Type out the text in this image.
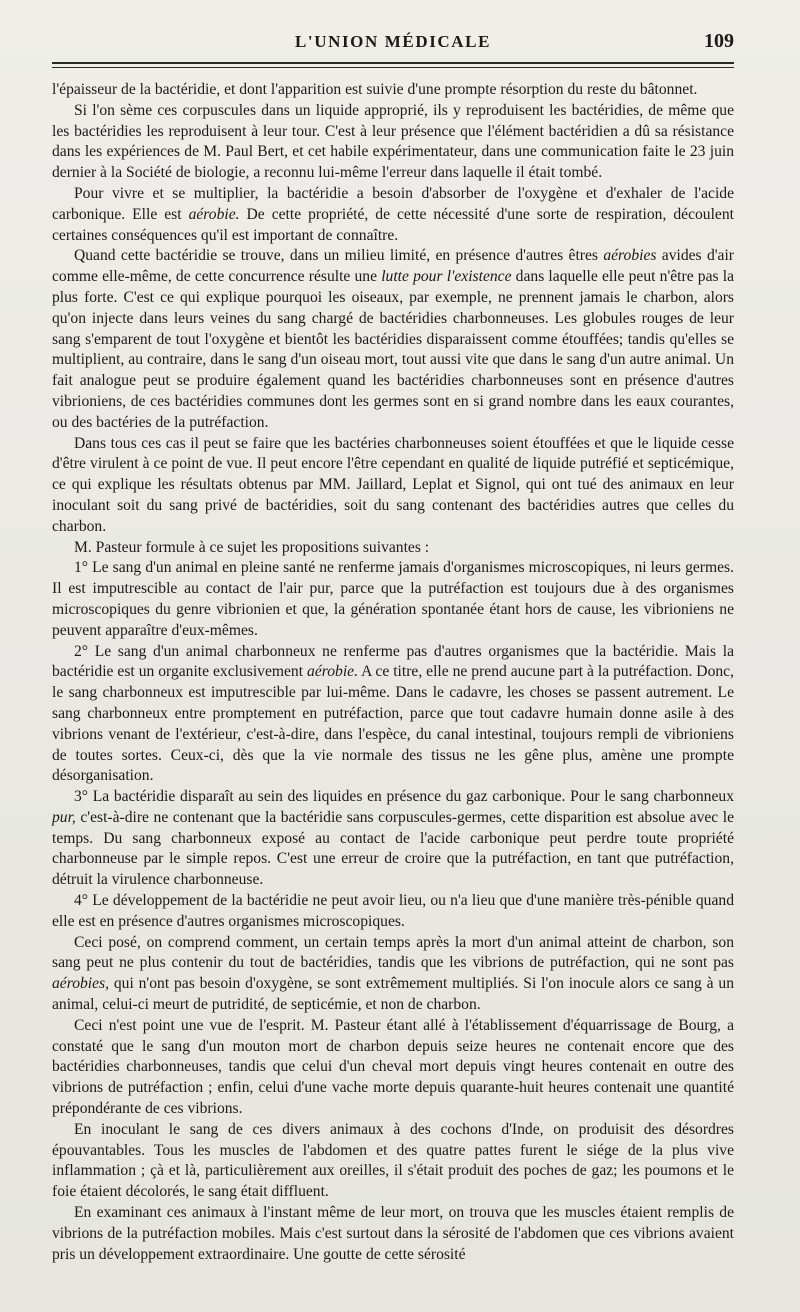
L'UNION MÉDICALE	109

l'épaisseur de la bactéridie, et dont l'apparition est suivie d'une prompte résorption du reste du bâtonnet.

Si l'on sème ces corpuscules dans un liquide approprié, ils y reproduisent les bactéridies, de même que les bactéridies les reproduisent à leur tour. C'est à leur présence que l'élément bactéridien a dû sa résistance dans les expériences de M. Paul Bert, et cet habile expérimentateur, dans une communication faite le 23 juin dernier à la Société de biologie, a reconnu lui-même l'erreur dans laquelle il était tombé.

Pour vivre et se multiplier, la bactéridie a besoin d'absorber de l'oxygène et d'exhaler de l'acide carbonique. Elle est aérobie. De cette propriété, de cette nécessité d'une sorte de respiration, découlent certaines conséquences qu'il est important de connaître.

Quand cette bactéridie se trouve, dans un milieu limité, en présence d'autres êtres aérobies avides d'air comme elle-même, de cette concurrence résulte une lutte pour l'existence dans laquelle elle peut n'être pas la plus forte. C'est ce qui explique pourquoi les oiseaux, par exemple, ne prennent jamais le charbon, alors qu'on injecte dans leurs veines du sang chargé de bactéridies charbonneuses. Les globules rouges de leur sang s'emparent de tout l'oxygène et bientôt les bactéridies disparaissent comme étouffées; tandis qu'elles se multiplient, au contraire, dans le sang d'un oiseau mort, tout aussi vite que dans le sang d'un autre animal. Un fait analogue peut se produire également quand les bactéridies charbonneuses sont en présence d'autres vibrioniens, de ces bactéridies communes dont les germes sont en si grand nombre dans les eaux courantes, ou des bactéries de la putréfaction.

Dans tous ces cas il peut se faire que les bactéries charbonneuses soient étouffées et que le liquide cesse d'être virulent à ce point de vue. Il peut encore l'être cependant en qualité de liquide putréfié et septicémique, ce qui explique les résultats obtenus par MM. Jaillard, Leplat et Signol, qui ont tué des animaux en leur inoculant soit du sang privé de bactéridies, soit du sang contenant des bactéridies autres que celles du charbon.

M. Pasteur formule à ce sujet les propositions suivantes :

1° Le sang d'un animal en pleine santé ne renferme jamais d'organismes microscopiques, ni leurs germes. Il est imputrescible au contact de l'air pur, parce que la putréfaction est toujours due à des organismes microscopiques du genre vibrionien et que, la génération spontanée étant hors de cause, les vibrioniens ne peuvent apparaître d'eux-mêmes.

2° Le sang d'un animal charbonneux ne renferme pas d'autres organismes que la bactéridie. Mais la bactéridie est un organite exclusivement aérobie. A ce titre, elle ne prend aucune part à la putréfaction. Donc, le sang charbonneux est imputrescible par lui-même. Dans le cadavre, les choses se passent autrement. Le sang charbonneux entre promptement en putréfaction, parce que tout cadavre humain donne asile à des vibrions venant de l'extérieur, c'est-à-dire, dans l'espèce, du canal intestinal, toujours rempli de vibrioniens de toutes sortes. Ceux-ci, dès que la vie normale des tissus ne les gêne plus, amène une prompte désorganisation.

3° La bactéridie disparaît au sein des liquides en présence du gaz carbonique. Pour le sang charbonneux pur, c'est-à-dire ne contenant que la bactéridie sans corpuscules-germes, cette disparition est absolue avec le temps. Du sang charbonneux exposé au contact de l'acide carbonique peut perdre toute propriété charbonneuse par le simple repos. C'est une erreur de croire que la putréfaction, en tant que putréfaction, détruit la virulence charbonneuse.

4° Le développement de la bactéridie ne peut avoir lieu, ou n'a lieu que d'une manière très-pénible quand elle est en présence d'autres organismes microscopiques.

Ceci posé, on comprend comment, un certain temps après la mort d'un animal atteint de charbon, son sang peut ne plus contenir du tout de bactéridies, tandis que les vibrions de putréfaction, qui ne sont pas aérobies, qui n'ont pas besoin d'oxygène, se sont extrêmement multipliés. Si l'on inocule alors ce sang à un animal, celui-ci meurt de putridité, de septicémie, et non de charbon.

Ceci n'est point une vue de l'esprit. M. Pasteur étant allé à l'établissement d'équarrissage de Bourg, a constaté que le sang d'un mouton mort de charbon depuis seize heures ne contenait encore que des bactéridies charbonneuses, tandis que celui d'un cheval mort depuis vingt heures contenait en outre des vibrions de putréfaction ; enfin, celui d'une vache morte depuis quarante-huit heures contenait une quantité prépondérante de ces vibrions.

En inoculant le sang de ces divers animaux à des cochons d'Inde, on produisit des désordres épouvantables. Tous les muscles de l'abdomen et des quatre pattes furent le siége de la plus vive inflammation ; çà et là, particulièrement aux oreilles, il s'était produit des poches de gaz; les poumons et le foie étaient décolorés, le sang était diffluent.

En examinant ces animaux à l'instant même de leur mort, on trouva que les muscles étaient remplis de vibrions de la putréfaction mobiles. Mais c'est surtout dans la sérosité de l'abdomen que ces vibrions avaient pris un développement extraordinaire. Une goutte de cette sérosité
